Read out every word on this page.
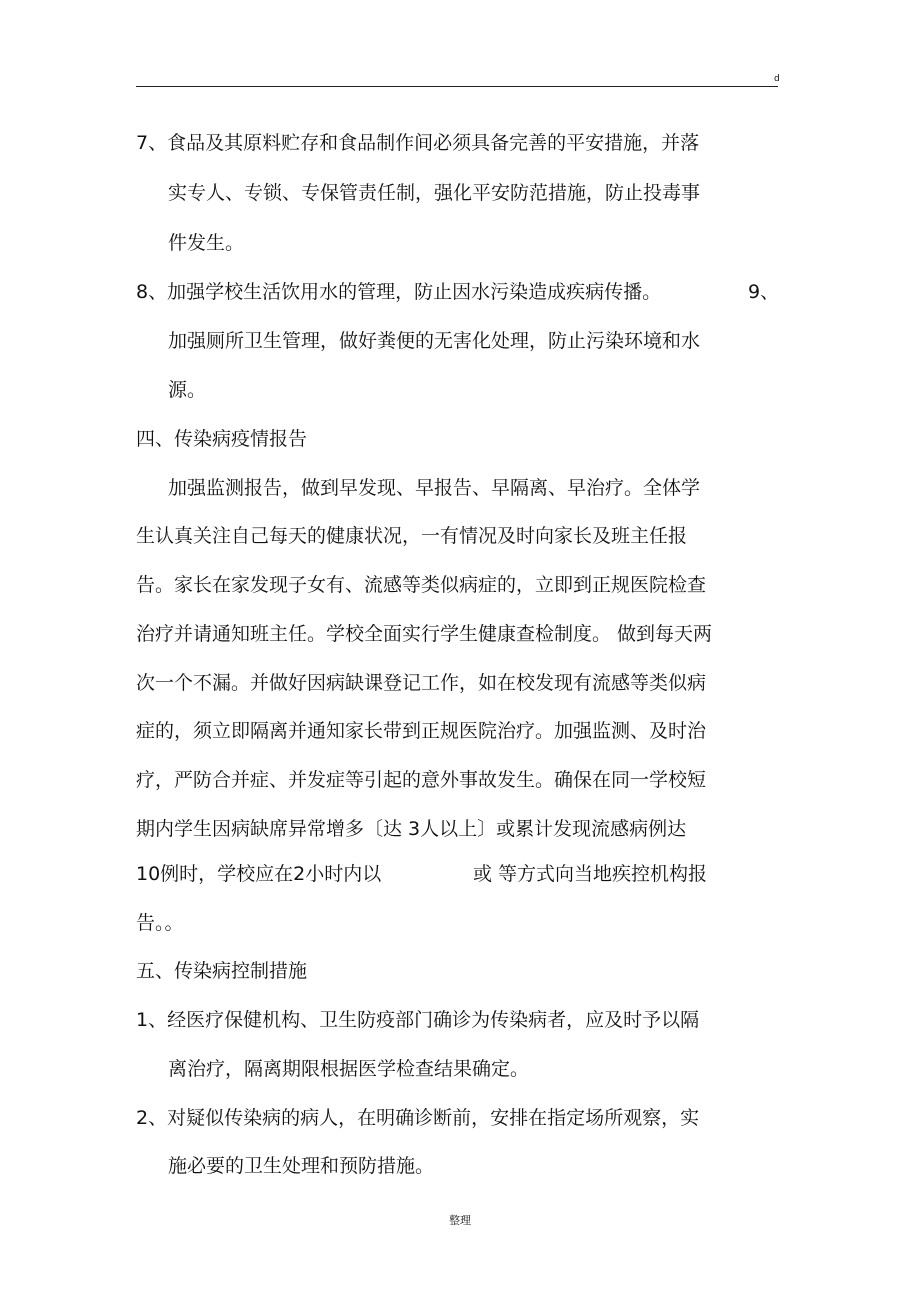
d
7、食品及其原料贮存和食品制作间必须具备完善的平安措施，并落
实专人、专锁、专保管责任制，强化平安防范措施，防止投毒事
件发生。
8、加强学校生活饮用水的管理，防止因水污染造成疾病传播。	9、
加强厕所卫生管理，做好粪便的无害化处理，防止污染环境和水
源。
四、传染病疫情报告
加强监测报告，做到早发现、早报告、早隔离、早治疗。全体学
生认真关注自己每天的健康状况，一有情况及时向家长及班主任报
告。家长在家发现子女有、流感等类似病症的，立即到正规医院检查
治疗并请通知班主任。学校全面实行学生健康查检制度。 做到每天两
次一个不漏。并做好因病缺课登记工作，如在校发现有流感等类似病
症的，须立即隔离并通知家长带到正规医院治疗。加强监测、及时治
疗，严防合并症、并发症等引起的意外事故发生。确保在同一学校短
期内学生因病缺席异常增多〔达 3人以上〕或累计发现流感病例达
10例时，学校应在2小时内以	或 等方式向当地疾控机构报
告。。
五、传染病控制措施
1、经医疗保健机构、卫生防疫部门确诊为传染病者，应及时予以隔
离治疗，隔离期限根据医学检查结果确定。
2、对疑似传染病的病人，在明确诊断前，安排在指定场所观察，实
施必要的卫生处理和预防措施。
整理
